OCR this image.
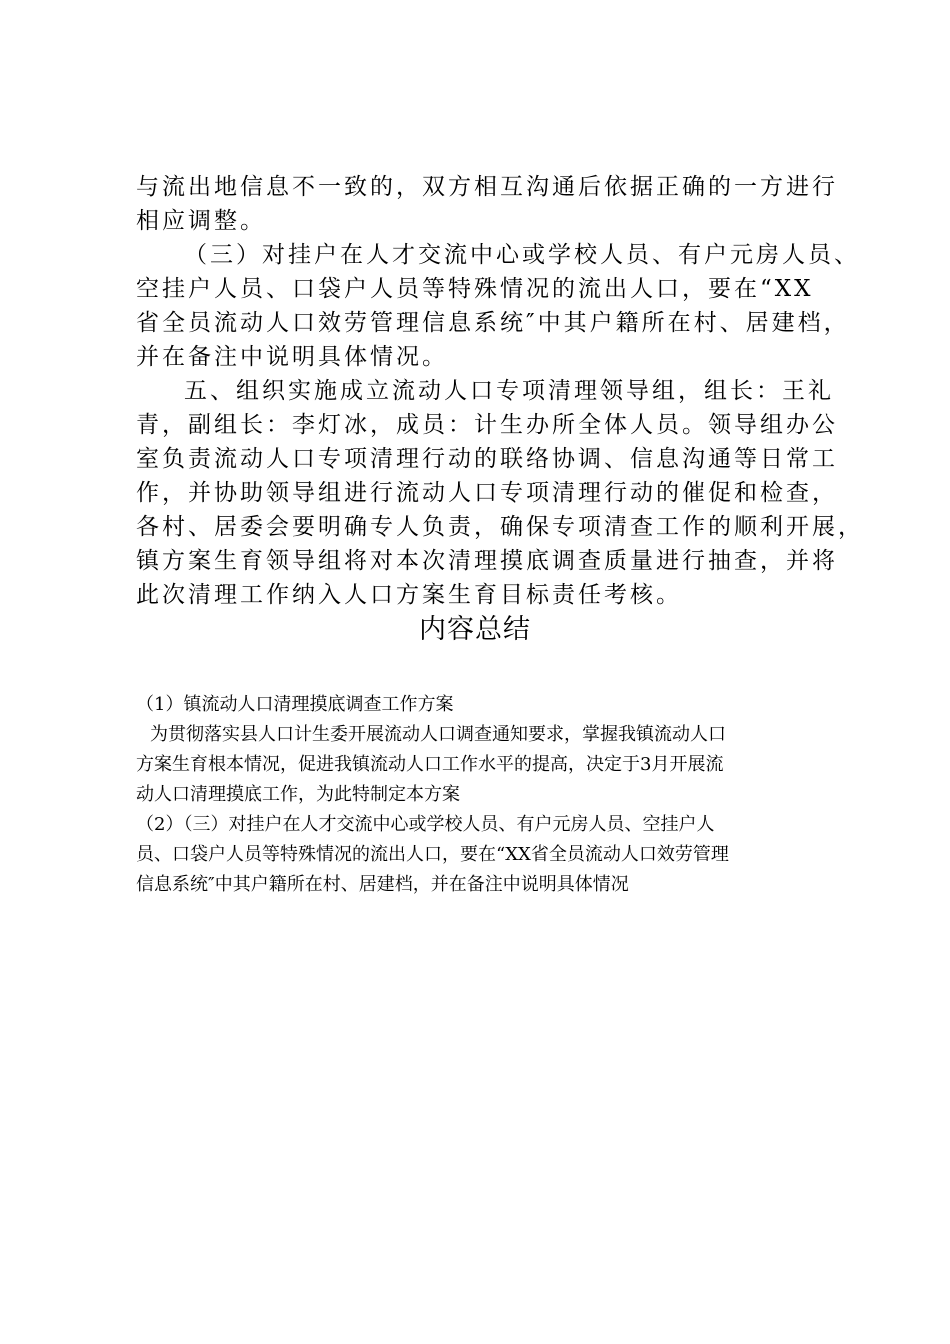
与流出地信息不一致的，双方相互沟通后依据正确的一方进行
相应调整。
（三）对挂户在人才交流中心或学校人员、有户元房人员、
空挂户人员、口袋户人员等特殊情况的流出人口，要在“XX
省全员流动人口效劳管理信息系统″中其户籍所在村、居建档，
并在备注中说明具体情况。
五、组织实施成立流动人口专项清理领导组，组长：王礼
青，副组长：李灯冰，成员：计生办所全体人员。领导组办公
室负责流动人口专项清理行动的联络协调、信息沟通等日常工
作，并协助领导组进行流动人口专项清理行动的催促和检查，
各村、居委会要明确专人负责，确保专项清查工作的顺利开展，
镇方案生育领导组将对本次清理摸底调查质量进行抽查，并将
此次清理工作纳入人口方案生育目标责任考核。
内容总结
（1）镇流动人口清理摸底调查工作方案
为贯彻落实县人口计生委开展流动人口调查通知要求，掌握我镇流动人口
方案生育根本情况，促进我镇流动人口工作水平的提高，决定于3月开展流
动人口清理摸底工作，为此特制定本方案
（2）（三）对挂户在人才交流中心或学校人员、有户元房人员、空挂户人
员、口袋户人员等特殊情况的流出人口，要在“XX省全员流动人口效劳管理
信息系统″中其户籍所在村、居建档，并在备注中说明具体情况
